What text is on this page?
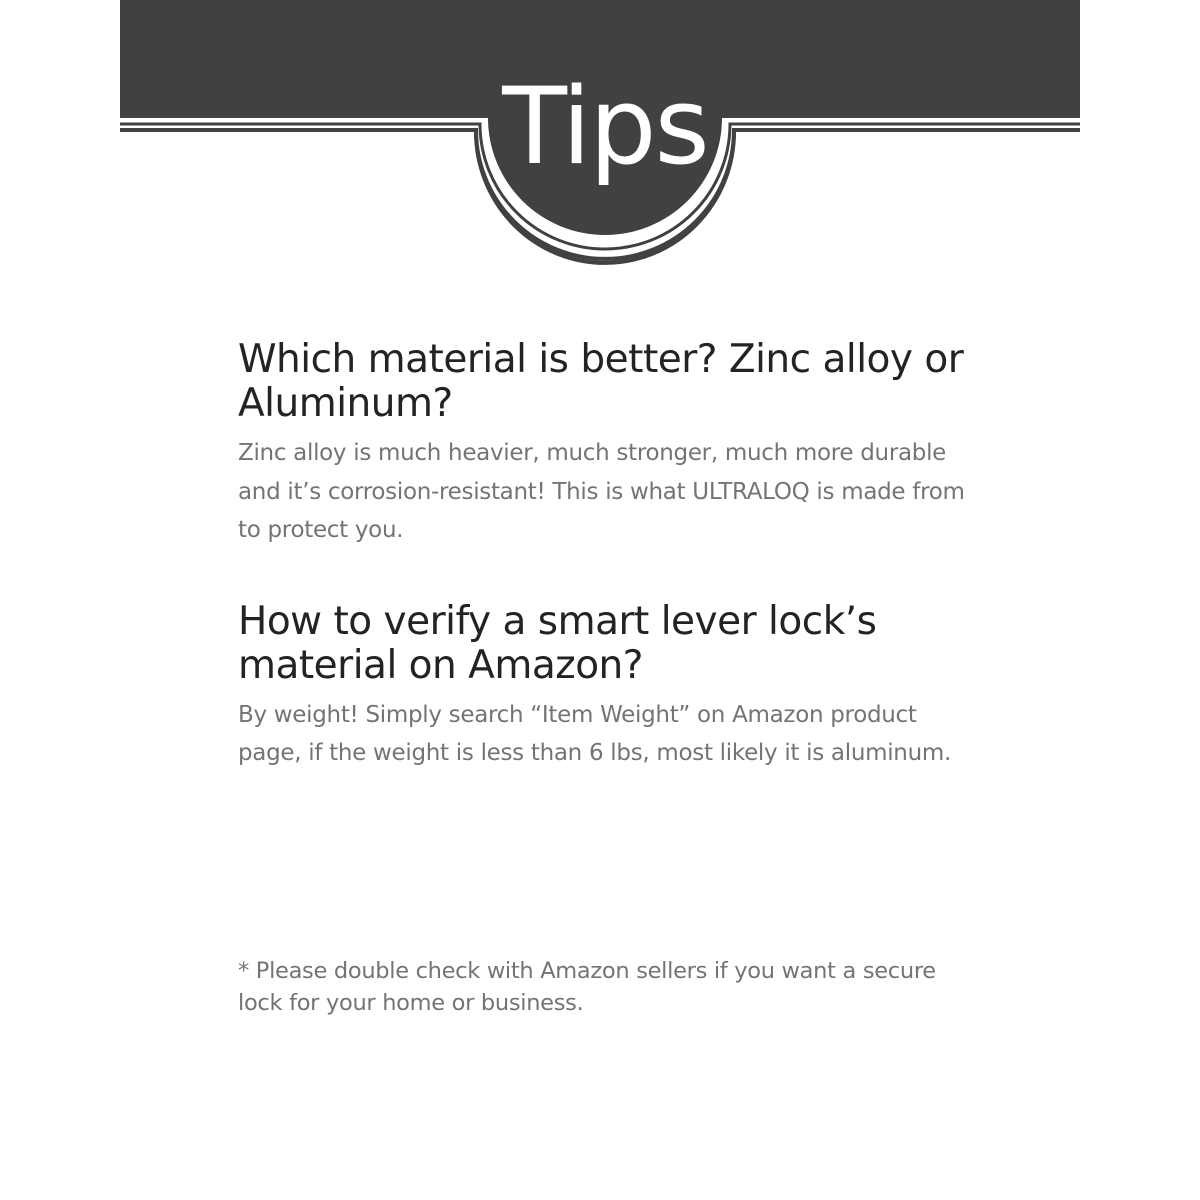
Tips
Which material is better? Zinc alloy or Aluminum?

Zinc alloy is much heavier, much stronger, much more durable and it’s corrosion-resistant! This is what ULTRALOQ is made from to protect you.

How to verify a smart lever lock’s material on Amazon?

By weight! Simply search “Item Weight” on Amazon product page, if the weight is less than 6 lbs, most likely it is aluminum.

* Please double check with Amazon sellers if you want a secure lock for your home or business.
